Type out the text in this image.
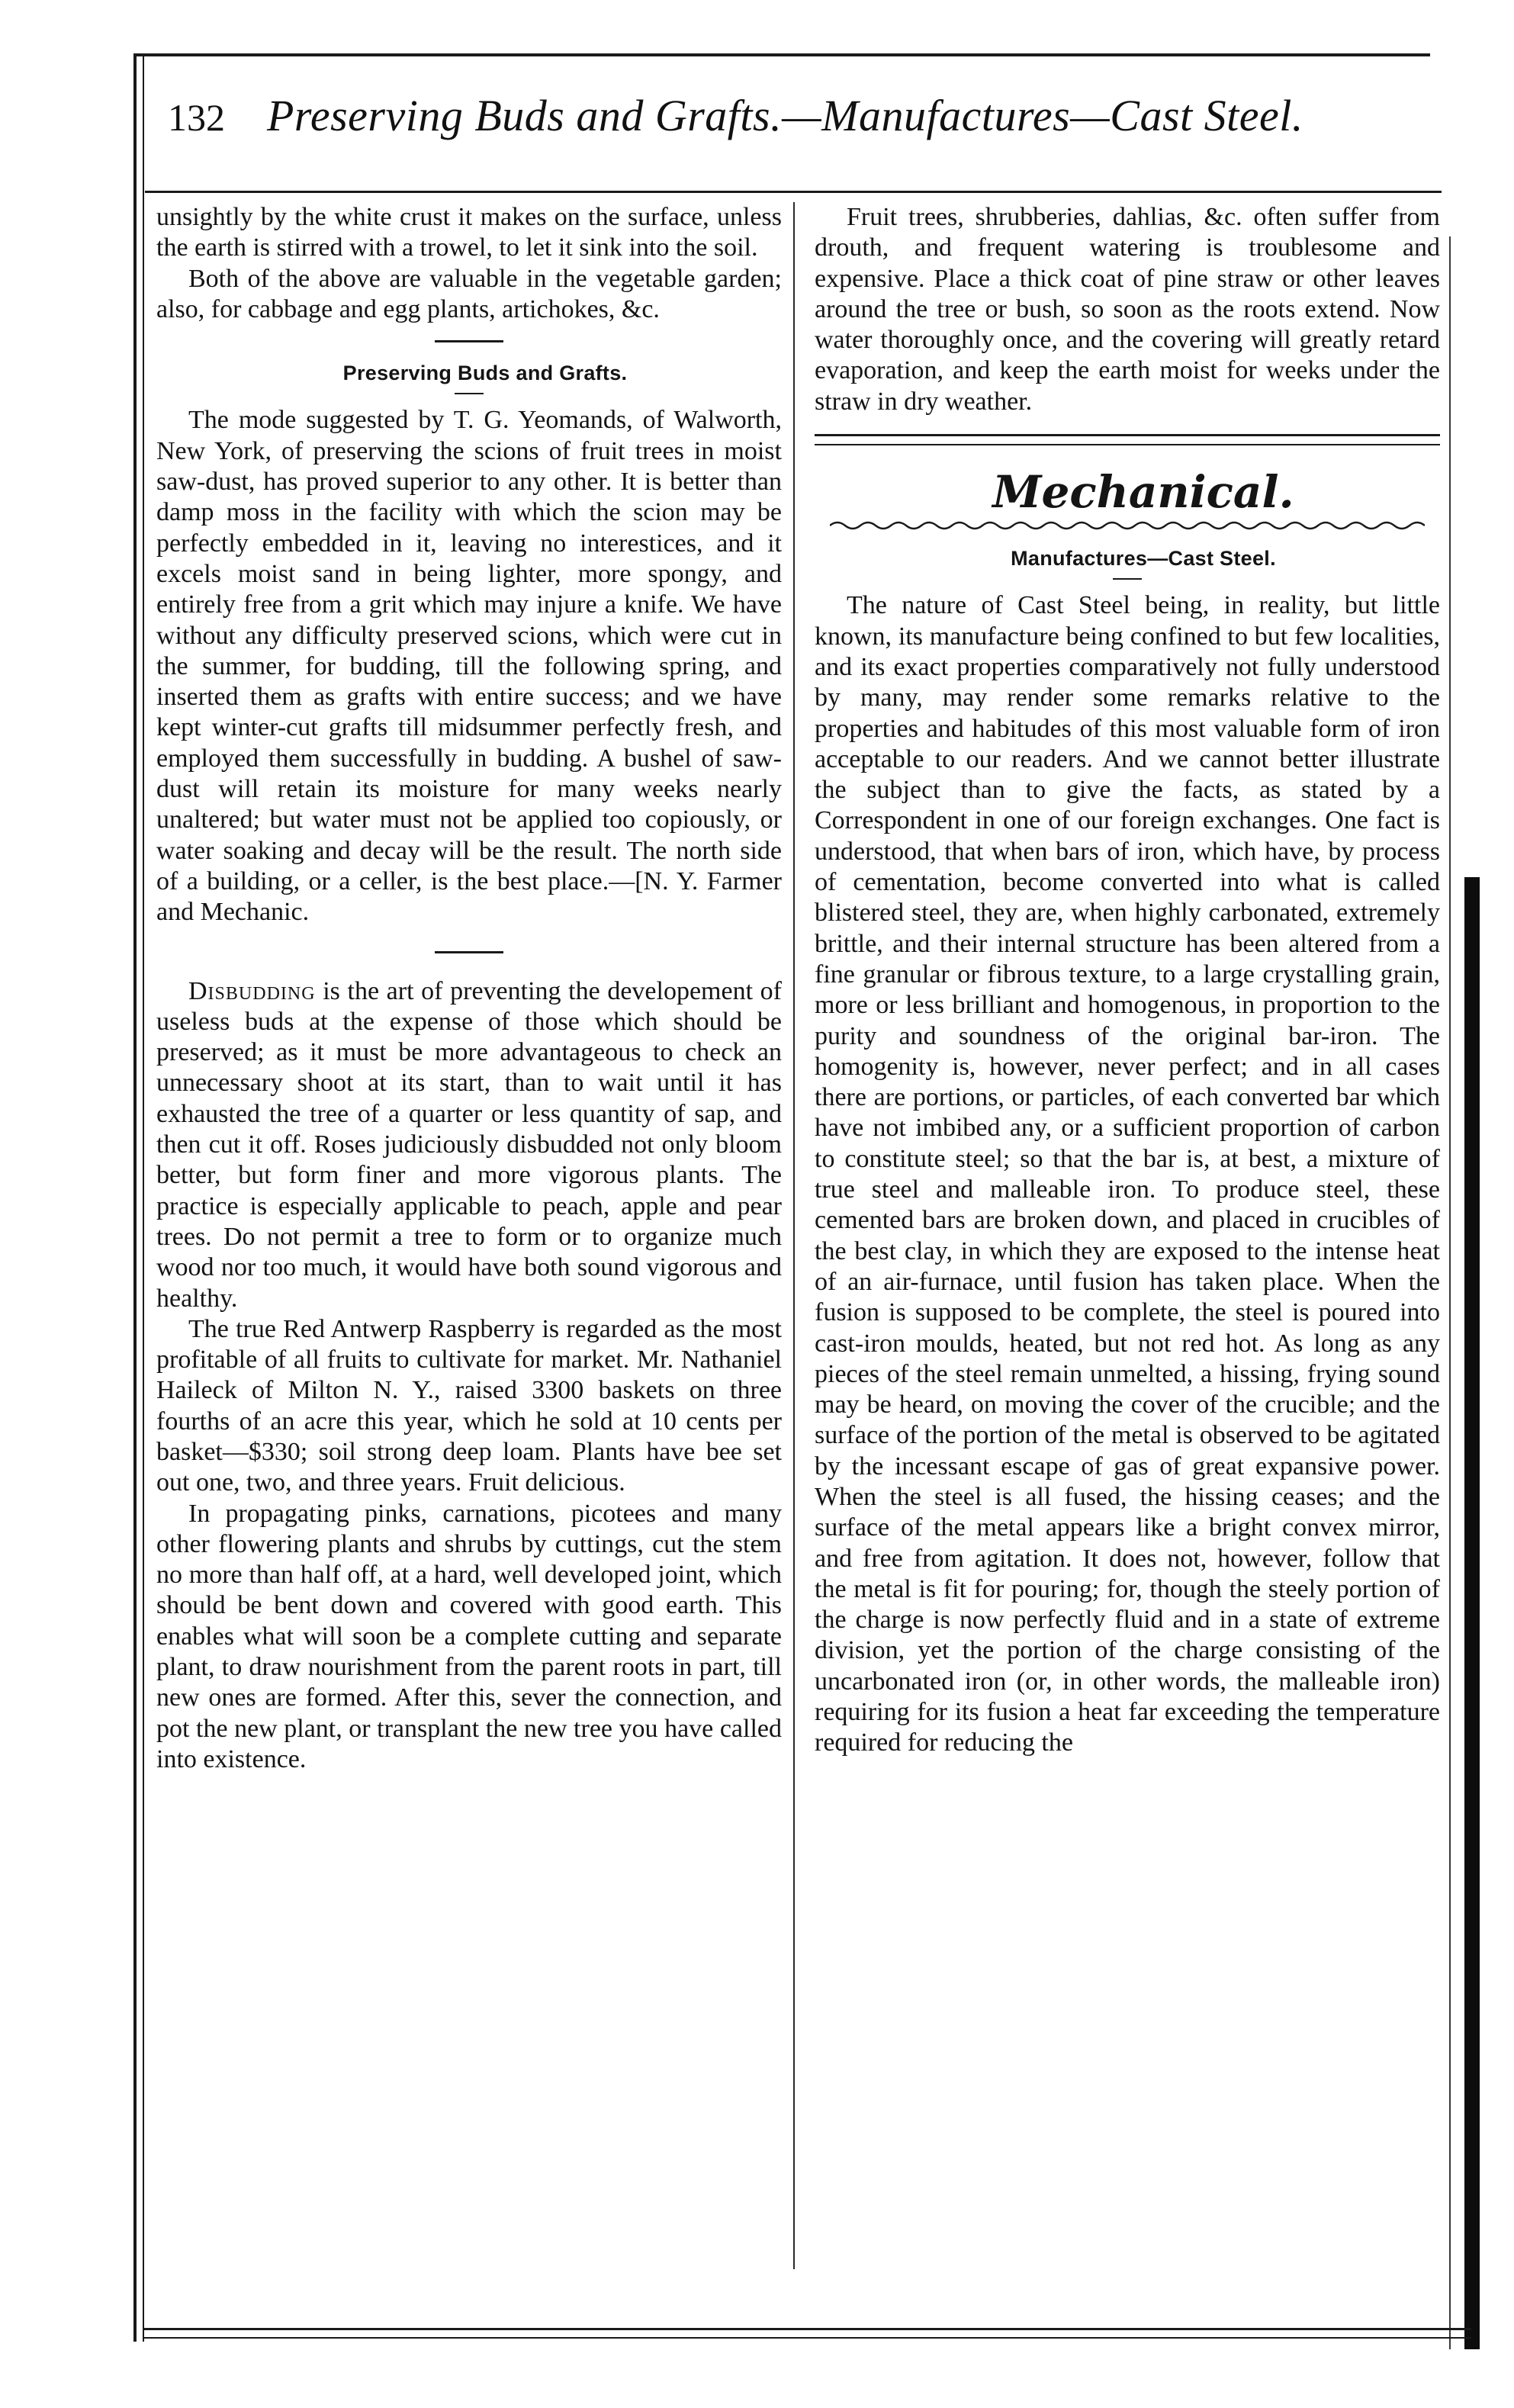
132 Preserving Buds and Grafts.—Manufactures—Cast Steel.

unsightly by the white crust it makes on the surface, unless the earth is stirred with a trowel, to let it sink into the soil.

Both of the above are valuable in the vegetable garden; also, for cabbage and egg plants, artichokes, &c.

Preserving Buds and Grafts.

The mode suggested by T. G. Yeomands, of Walworth, New York, of preserving the scions of fruit trees in moist saw-dust, has proved superior to any other. It is better than damp moss in the facility with which the scion may be perfectly embedded in it, leaving no interestices, and it excels moist sand in being lighter, more spongy, and entirely free from a grit which may injure a knife. We have without any difficulty preserved scions, which were cut in the summer, for budding, till the following spring, and inserted them as grafts with entire success; and we have kept winter-cut grafts till midsummer perfectly fresh, and employed them successfully in budding. A bushel of saw-dust will retain its moisture for many weeks nearly unaltered; but water must not be applied too copiously, or water soaking and decay will be the result. The north side of a building, or a celler, is the best place.—[N. Y. Farmer and Mechanic.

Disbudding is the art of preventing the developement of useless buds at the expense of those which should be preserved; as it must be more advantageous to check an unnecessary shoot at its start, than to wait until it has exhausted the tree of a quarter or less quantity of sap, and then cut it off. Roses judiciously disbudded not only bloom better, but form finer and more vigorous plants. The practice is especially applicable to peach, apple and pear trees. Do not permit a tree to form or to organize much wood nor too much, it would have both sound vigorous and healthy.

The true Red Antwerp Raspberry is regarded as the most profitable of all fruits to cultivate for market. Mr. Nathaniel Haileck of Milton N. Y., raised 3300 baskets on three fourths of an acre this year, which he sold at 10 cents per basket—$330; soil strong deep loam. Plants have bee set out one, two, and three years. Fruit delicious.

In propagating pinks, carnations, picotees and many other flowering plants and shrubs by cuttings, cut the stem no more than half off, at a hard, well developed joint, which should be bent down and covered with good earth. This enables what will soon be a complete cutting and separate plant, to draw nourishment from the parent roots in part, till new ones are formed. After this, sever the connection, and pot the new plant, or transplant the new tree you have called into existence.

Fruit trees, shrubberies, dahlias, &c. often suffer from drouth, and frequent watering is troublesome and expensive. Place a thick coat of pine straw or other leaves around the tree or bush, so soon as the roots extend. Now water thoroughly once, and the covering will greatly retard evaporation, and keep the earth moist for weeks under the straw in dry weather.

Mechanical.

Manufactures—Cast Steel.

The nature of Cast Steel being, in reality, but little known, its manufacture being confined to but few localities, and its exact properties comparatively not fully understood by many, may render some remarks relative to the properties and habitudes of this most valuable form of iron acceptable to our readers. And we cannot better illustrate the subject than to give the facts, as stated by a Correspondent in one of our foreign exchanges. One fact is understood, that when bars of iron, which have, by process of cementation, become converted into what is called blistered steel, they are, when highly carbonated, extremely brittle, and their internal structure has been altered from a fine granular or fibrous texture, to a large crystalling grain, more or less brilliant and homogenous, in proportion to the purity and soundness of the original bar-iron. The homogenity is, however, never perfect; and in all cases there are portions, or particles, of each converted bar which have not imbibed any, or a sufficient proportion of carbon to constitute steel; so that the bar is, at best, a mixture of true steel and malleable iron. To produce steel, these cemented bars are broken down, and placed in crucibles of the best clay, in which they are exposed to the intense heat of an air-furnace, until fusion has taken place. When the fusion is supposed to be complete, the steel is poured into cast-iron moulds, heated, but not red hot. As long as any pieces of the steel remain unmelted, a hissing, frying sound may be heard, on moving the cover of the crucible; and the surface of the portion of the metal is observed to be agitated by the incessant escape of gas of great expansive power. When the steel is all fused, the hissing ceases; and the surface of the metal appears like a bright convex mirror, and free from agitation. It does not, however, follow that the metal is fit for pouring; for, though the steely portion of the charge is now perfectly fluid and in a state of extreme division, yet the portion of the charge consisting of the uncarbonated iron (or, in other words, the malleable iron) requiring for its fusion a heat far exceeding the temperature required for reducing the
